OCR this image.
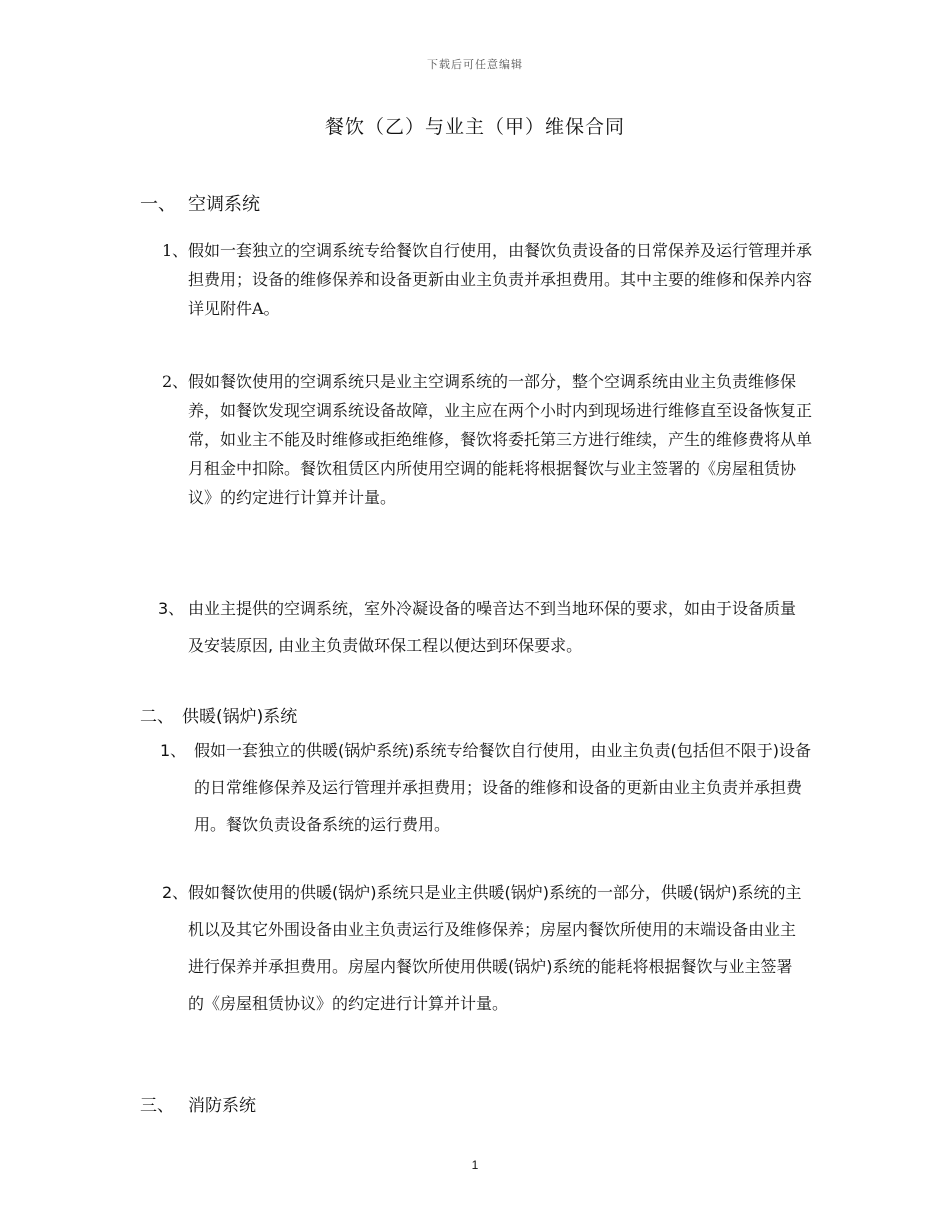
下载后可任意编辑
餐饮（乙）与业主（甲）维保合同
一、 空调系统
1、 假如一套独立的空调系统专给餐饮自行使用，由餐饮负责设备的日常保养及运行管理并承担费用；设备的维修保养和设备更新由业主负责并承担费用。其中主要的维修和保养内容详见附件A。
2、 假如餐饮使用的空调系统只是业主空调系统的一部分，整个空调系统由业主负责维修保养，如餐饮发现空调系统设备故障，业主应在两个小时内到现场进行维修直至设备恢复正常，如业主不能及时维修或拒绝维修，餐饮将委托第三方进行维续，产生的维修费将从单月租金中扣除。餐饮租赁区内所使用空调的能耗将根据餐饮与业主签署的《房屋租赁协议》的约定进行计算并计量。
3、 由业主提供的空调系统，室外冷凝设备的噪音达不到当地环保的要求，如由于设备质量及安装原因, 由业主负责做环保工程以便达到环保要求。
二、 供暖(锅炉)系统
1、 假如一套独立的供暖(锅炉系统)系统专给餐饮自行使用，由业主负责(包括但不限于)设备的日常维修保养及运行管理并承担费用；设备的维修和设备的更新由业主负责并承担费用。餐饮负责设备系统的运行费用。
2、 假如餐饮使用的供暖(锅炉)系统只是业主供暖(锅炉)系统的一部分，供暖(锅炉)系统的主机以及其它外围设备由业主负责运行及维修保养；房屋内餐饮所使用的末端设备由业主进行保养并承担费用。房屋内餐饮所使用供暖(锅炉)系统的能耗将根据餐饮与业主签署的《房屋租赁协议》的约定进行计算并计量。
三、 消防系统
1
